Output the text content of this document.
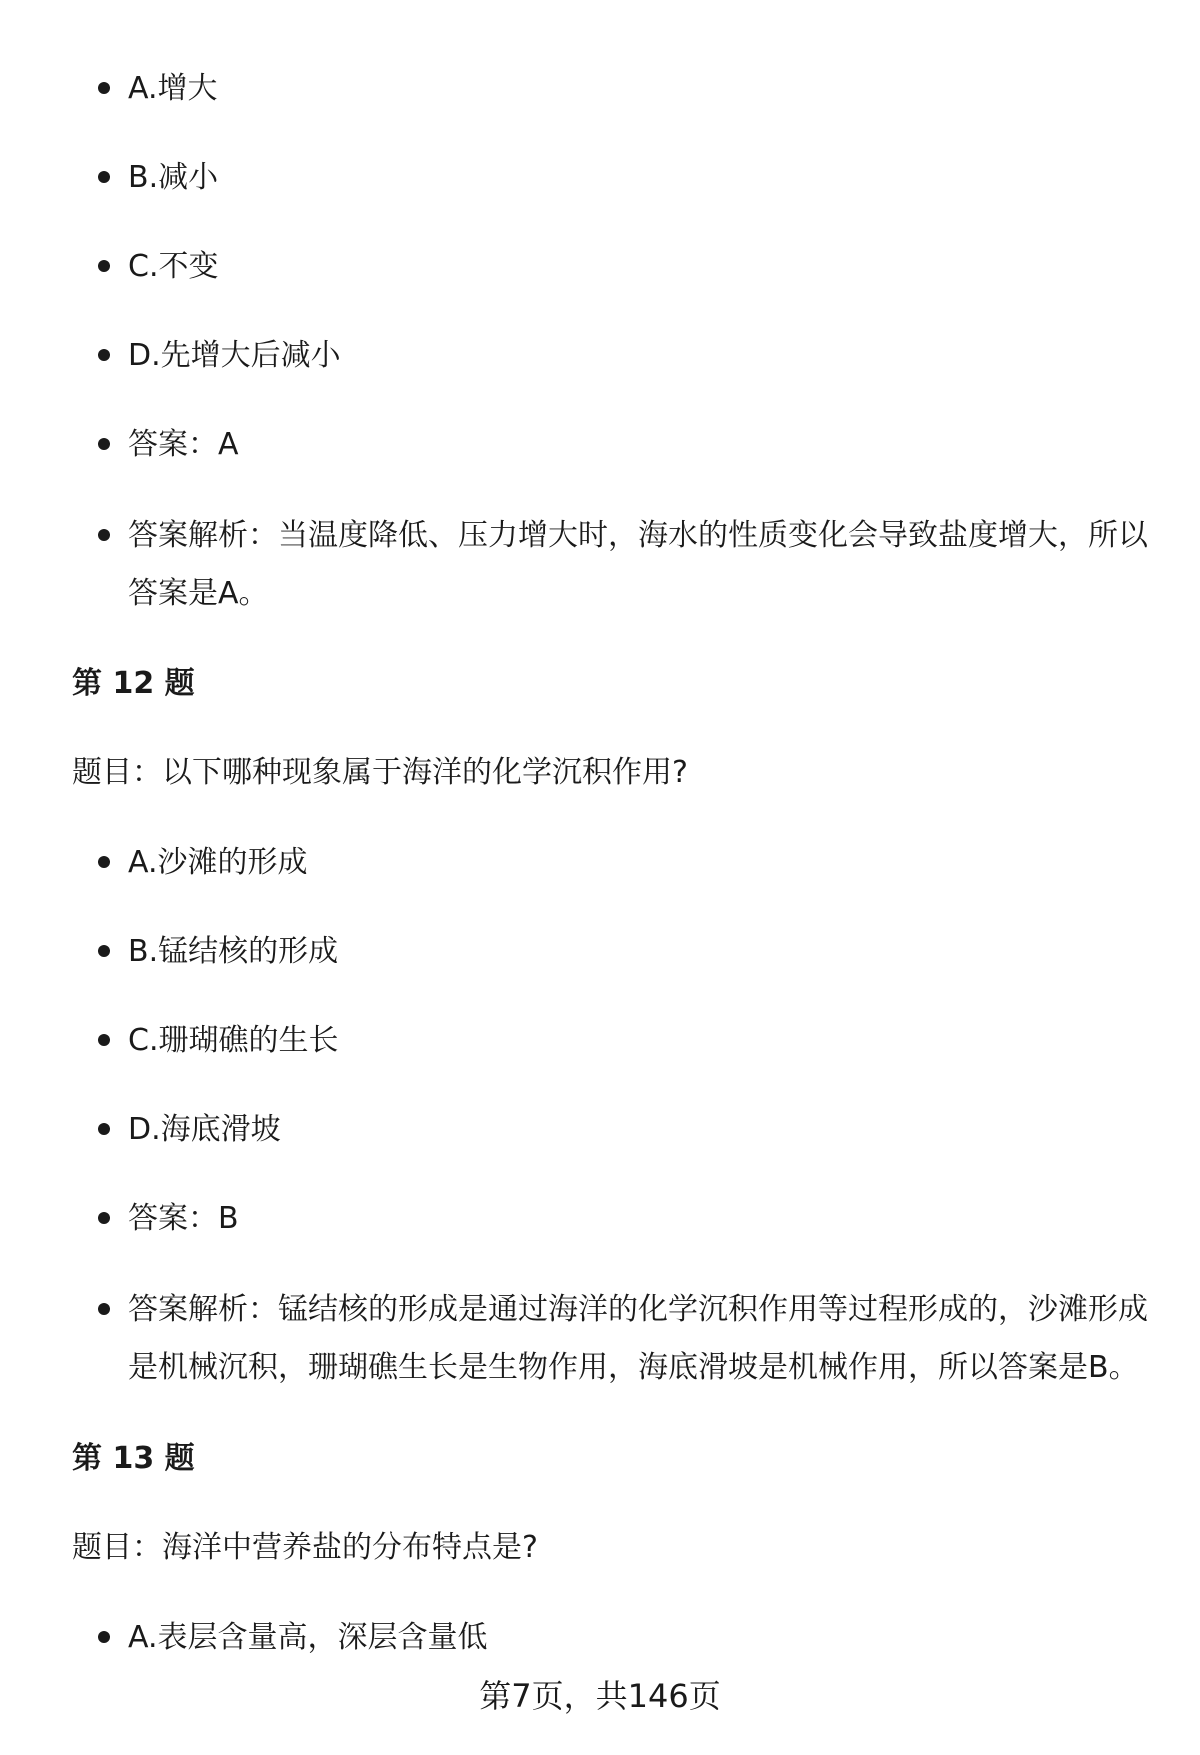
A.增大
B.减小
C.不变
D.先增大后减小
答案：A
答案解析：当温度降低、压力增大时，海水的性质变化会导致盐度增大，所以答案是A。
第 12 题

题目：以下哪种现象属于海洋的化学沉积作用?

A.沙滩的形成
B.锰结核的形成
C.珊瑚礁的生长
D.海底滑坡
答案：B
答案解析：锰结核的形成是通过海洋的化学沉积作用等过程形成的，沙滩形成是机械沉积，珊瑚礁生长是生物作用，海底滑坡是机械作用，所以答案是B。
第 13 题

题目：海洋中营养盐的分布特点是?

A.表层含量高，深层含量低
第7页，共146页
